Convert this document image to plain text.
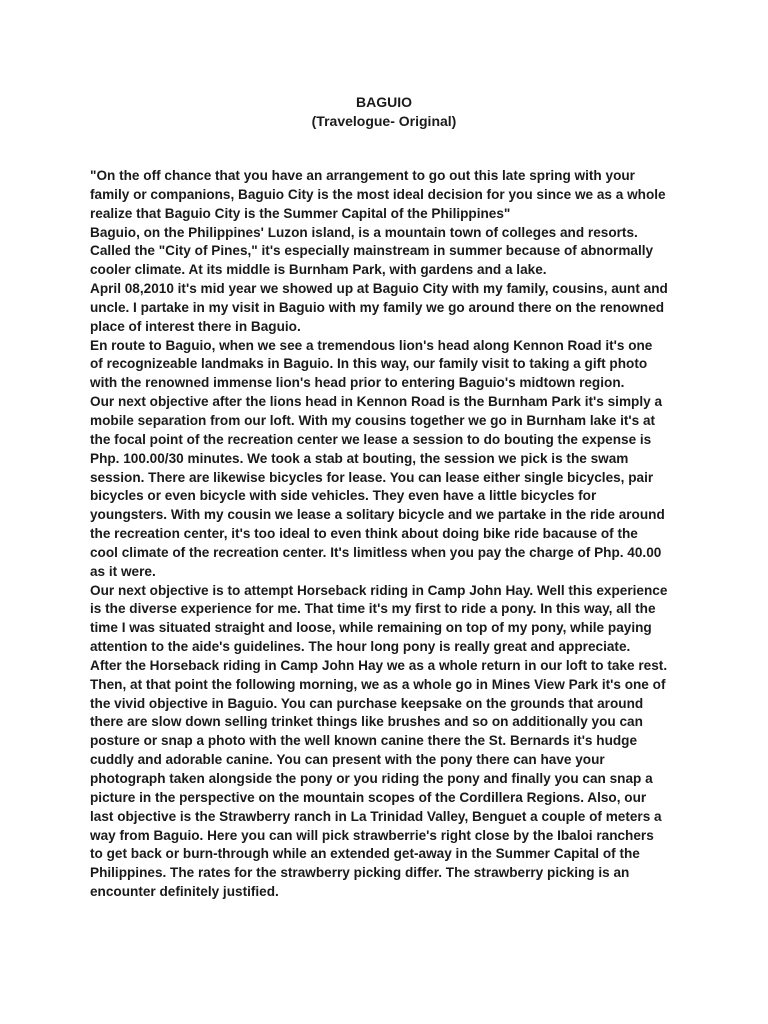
BAGUIO
(Travelogue- Original)
"On the off chance that you have an arrangement to go out this late spring with your
family or companions, Baguio City is the most ideal decision for you since we as a whole
realize that Baguio City is the Summer Capital of the Philippines"
Baguio, on the Philippines' Luzon island, is a mountain town of colleges and resorts.
Called the "City of Pines," it's especially mainstream in summer because of abnormally
cooler climate. At its middle is Burnham Park, with gardens and a lake.
April 08,2010 it's mid year we showed up at Baguio City with my family, cousins, aunt and
uncle. I partake in my visit in Baguio with my family we go around there on the renowned
place of interest there in Baguio.
En route to Baguio, when we see a tremendous lion's head along Kennon Road it's one
of recognizeable landmaks in Baguio. In this way, our family visit to taking a gift photo
with the renowned immense lion's head prior to entering Baguio's midtown region.
Our next objective after the lions head in Kennon Road is the Burnham Park it's simply a
mobile separation from our loft. With my cousins together we go in Burnham lake it's at
the focal point of the recreation center we lease a session to do bouting the expense is
Php. 100.00/30 minutes. We took a stab at bouting, the session we pick is the swam
session. There are likewise bicycles for lease. You can lease either single bicycles, pair
bicycles or even bicycle with side vehicles. They even have a little bicycles for
youngsters. With my cousin we lease a solitary bicycle and we partake in the ride around
the recreation center, it's too ideal to even think about doing bike ride bacause of the
cool climate of the recreation center. It's limitless when you pay the charge of Php. 40.00
as it were.
Our next objective is to attempt Horseback riding in Camp John Hay. Well this experience
is the diverse experience for me. That time it's my first to ride a pony. In this way, all the
time I was situated straight and loose, while remaining on top of my pony, while paying
attention to the aide's guidelines. The hour long pony is really great and appreciate.
After the Horseback riding in Camp John Hay we as a whole return in our loft to take rest.
Then, at that point the following morning, we as a whole go in Mines View Park it's one of
the vivid objective in Baguio. You can purchase keepsake on the grounds that around
there are slow down selling trinket things like brushes and so on additionally you can
posture or snap a photo with the well known canine there the St. Bernards it's hudge
cuddly and adorable canine. You can present with the pony there can have your
photograph taken alongside the pony or you riding the pony and finally you can snap a
picture in the perspective on the mountain scopes of the Cordillera Regions. Also, our
last objective is the Strawberry ranch in La Trinidad Valley, Benguet a couple of meters a
way from Baguio. Here you can will pick strawberrie's right close by the Ibaloi ranchers
to get back or burn-through while an extended get-away in the Summer Capital of the
Philippines. The rates for the strawberry picking differ. The strawberry picking is an
encounter definitely justified.
